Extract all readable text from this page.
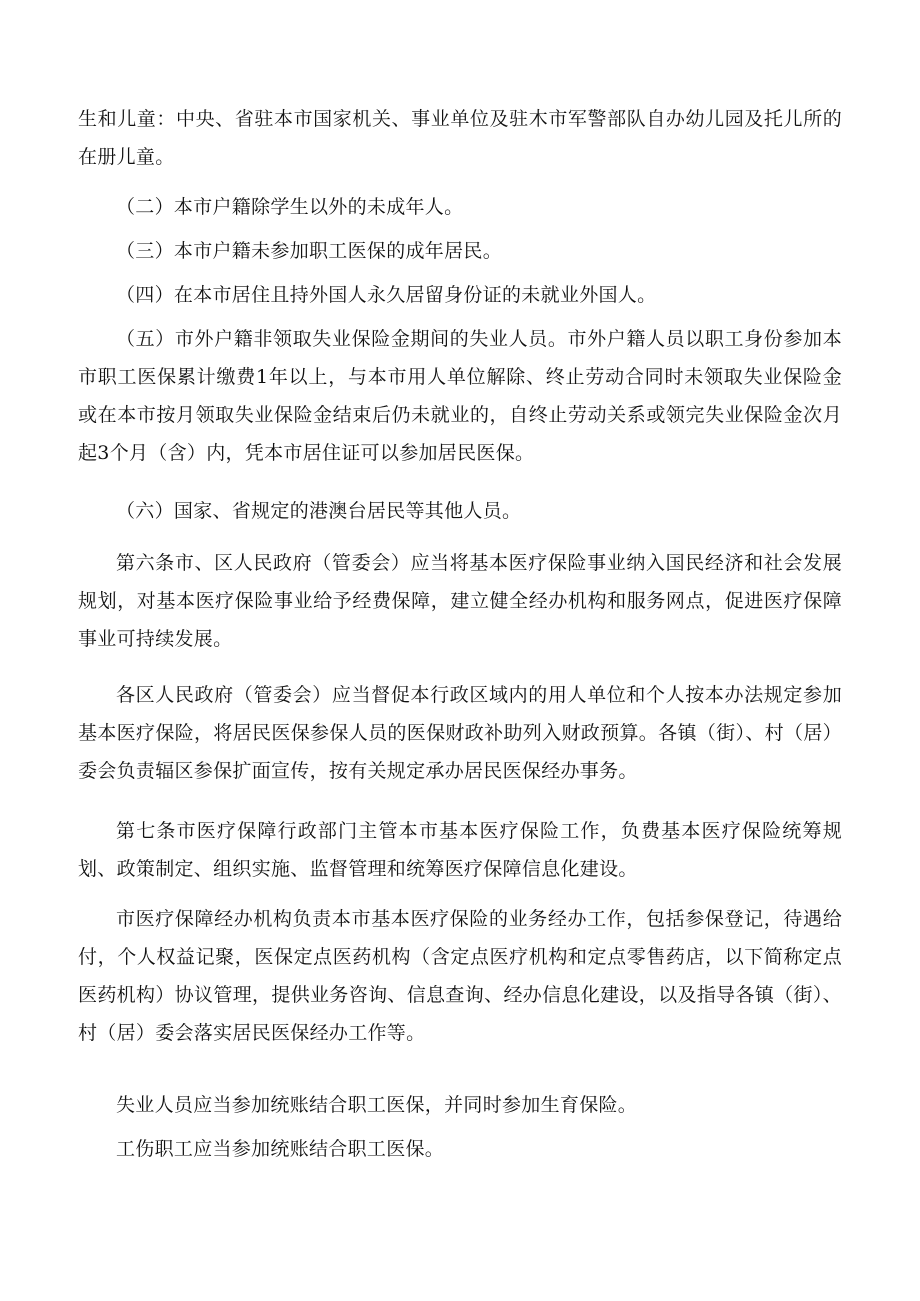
生和儿童：中央、省驻本市国家机关、事业单位及驻木市军警部队自办幼儿园及托儿所的在册儿童。

（二）本市户籍除学生以外的未成年人。

（三）本市户籍未参加职工医保的成年居民。

（四）在本市居住且持外国人永久居留身份证的未就业外国人。

（五）市外户籍非领取失业保险金期间的失业人员。市外户籍人员以职工身份参加本市职工医保累计缴费1年以上，与本市用人单位解除、终止劳动合同时未领取失业保险金或在本市按月领取失业保险金结束后仍未就业的，自终止劳动关系或领完失业保险金次月起3个月（含）内，凭本市居住证可以参加居民医保。

（六）国家、省规定的港澳台居民等其他人员。

第六条市、区人民政府（管委会）应当将基本医疗保险事业纳入国民经济和社会发展规划，对基本医疗保险事业给予经费保障，建立健全经办机构和服务网点，促进医疗保障事业可持续发展。

各区人民政府（管委会）应当督促本行政区域内的用人单位和个人按本办法规定参加基本医疗保险，将居民医保参保人员的医保财政补助列入财政预算。各镇（街）、村（居）委会负责辐区参保扩面宣传，按有关规定承办居民医保经办事务。

第七条市医疗保障行政部门主管本市基本医疗保险工作，负费基本医疗保险统筹规划、政策制定、组织实施、监督管理和统筹医疗保障信息化建设。

市医疗保障经办机构负责本市基本医疗保险的业务经办工作，包括参保登记，待遇给付，个人权益记聚，医保定点医药机构（含定点医疗机构和定点零售药店，以下简称定点医药机构）协议管理，提供业务咨询、信息查询、经办信息化建设，以及指导各镇（街）、村（居）委会落实居民医保经办工作等。

失业人员应当参加统账结合职工医保，并同时参加生育保险。

工伤职工应当参加统账结合职工医保。
